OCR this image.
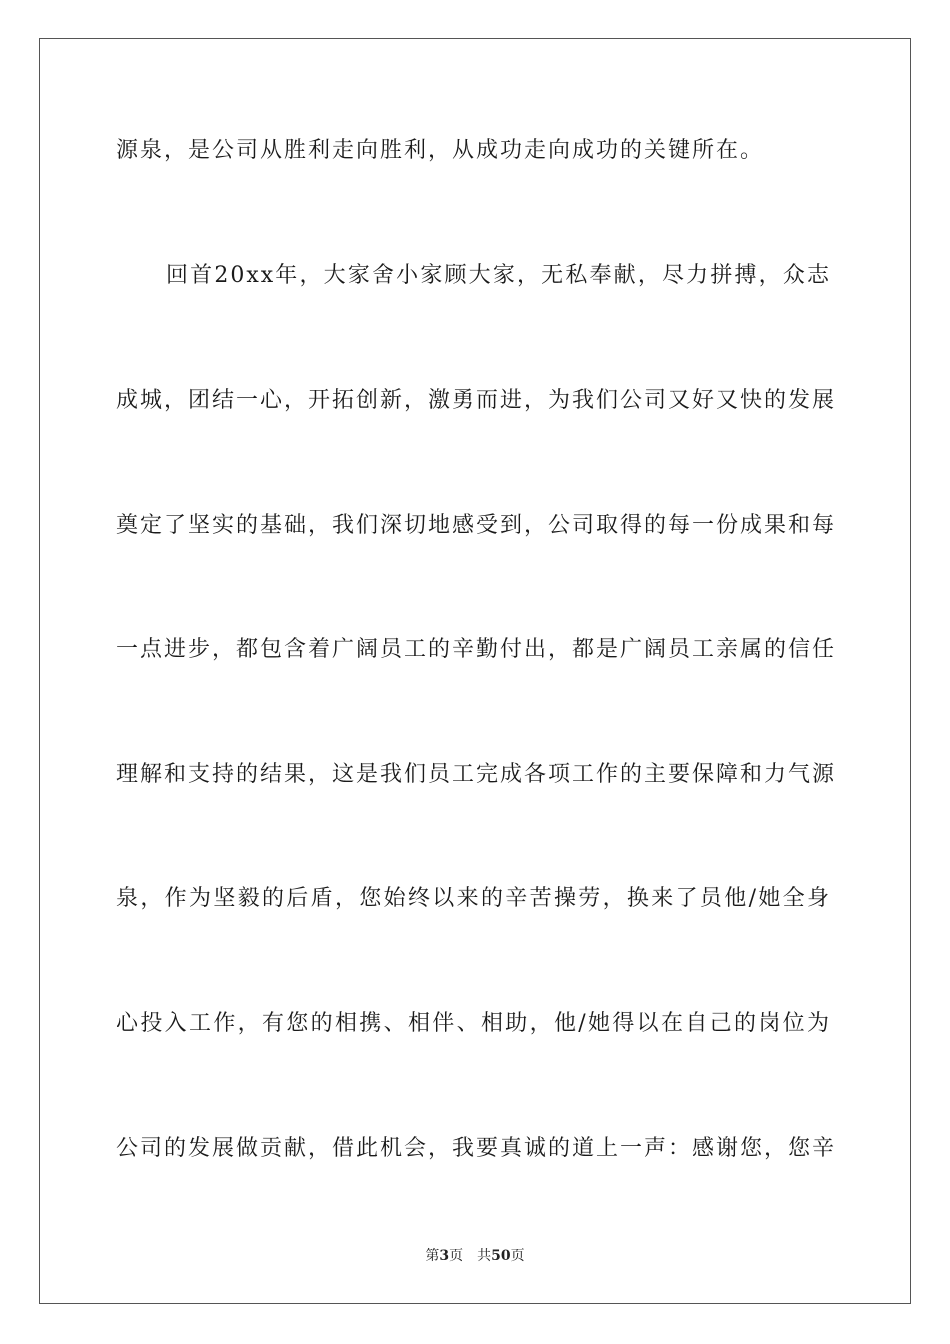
源泉，是公司从胜利走向胜利，从成功走向成功的关键所在。

回首20xx年，大家舍小家顾大家，无私奉献，尽力拼搏，众志

成城，团结一心，开拓创新，激勇而进，为我们公司又好又快的发展

奠定了坚实的基础，我们深切地感受到，公司取得的每一份成果和每

一点进步，都包含着广阔员工的辛勤付出，都是广阔员工亲属的信任

理解和支持的结果，这是我们员工完成各项工作的主要保障和力气源

泉，作为坚毅的后盾，您始终以来的辛苦操劳，换来了员他/她全身

心投入工作，有您的相携、相伴、相助，他/她得以在自己的岗位为

公司的发展做贡献，借此机会，我要真诚的道上一声：感谢您，您辛

第3页 共50页
